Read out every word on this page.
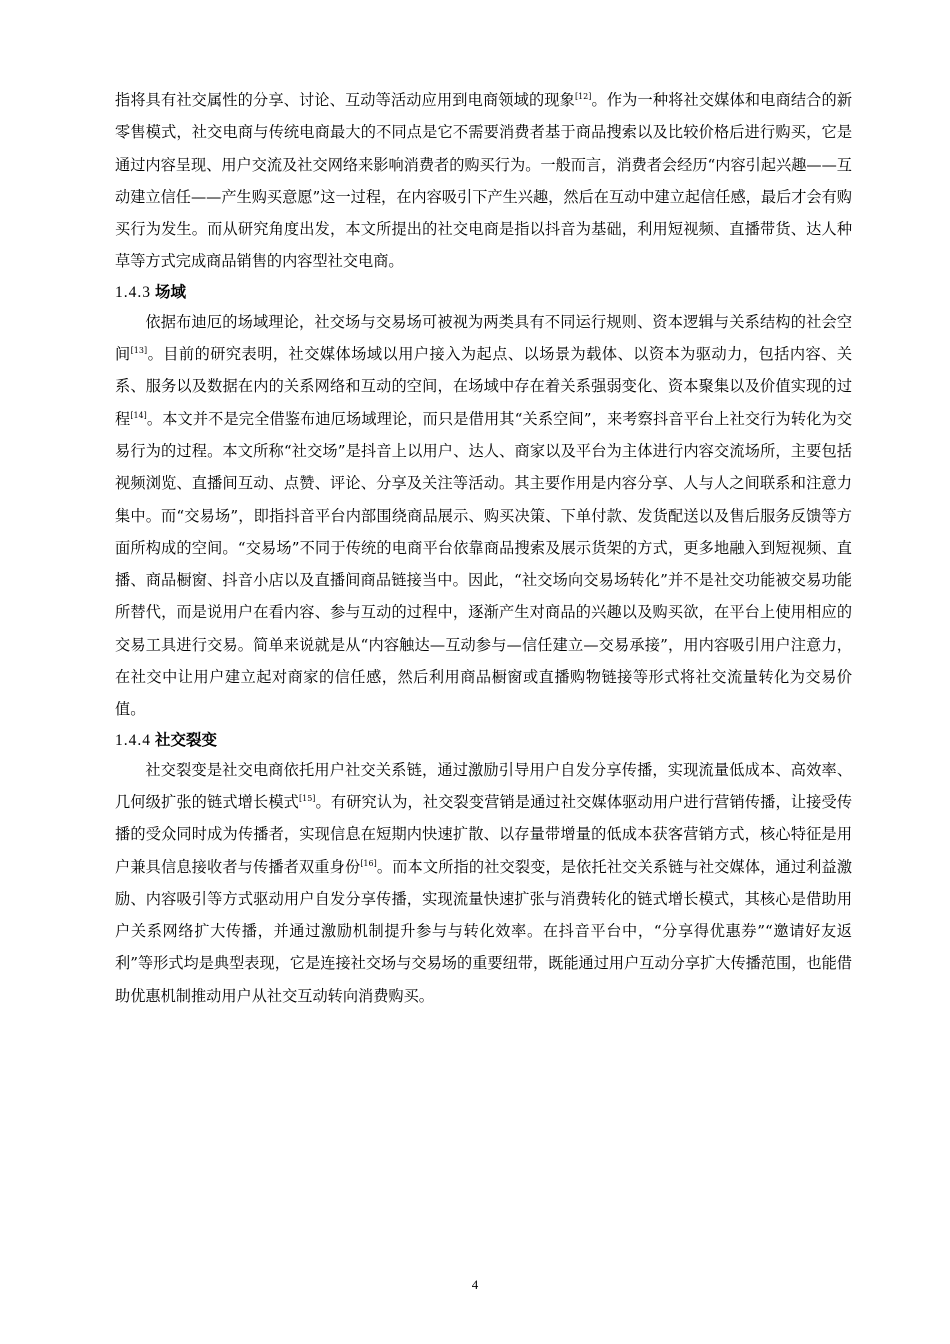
指将具有社交属性的分享、讨论、互动等活动应用到电商领域的现象[12]。作为一种将社交媒体和电商结合的新零售模式，社交电商与传统电商最大的不同点是它不需要消费者基于商品搜索以及比较价格后进行购买，它是通过内容呈现、用户交流及社交网络来影响消费者的购买行为。一般而言，消费者会经历“内容引起兴趣——互动建立信任——产生购买意愿”这一过程，在内容吸引下产生兴趣，然后在互动中建立起信任感，最后才会有购买行为发生。而从研究角度出发，本文所提出的社交电商是指以抖音为基础，利用短视频、直播带货、达人种草等方式完成商品销售的内容型社交电商。

1.4.3 场域

依据布迪厄的场域理论，社交场与交易场可被视为两类具有不同运行规则、资本逻辑与关系结构的社会空间[13]。目前的研究表明，社交媒体场域以用户接入为起点、以场景为载体、以资本为驱动力，包括内容、关系、服务以及数据在内的关系网络和互动的空间，在场域中存在着关系强弱变化、资本聚集以及价值实现的过程[14]。本文并不是完全借鉴布迪厄场域理论，而只是借用其“关系空间”，来考察抖音平台上社交行为转化为交易行为的过程。本文所称“社交场”是抖音上以用户、达人、商家以及平台为主体进行内容交流场所，主要包括视频浏览、直播间互动、点赞、评论、分享及关注等活动。其主要作用是内容分享、人与人之间联系和注意力集中。而“交易场”，即指抖音平台内部围绕商品展示、购买决策、下单付款、发货配送以及售后服务反馈等方面所构成的空间。“交易场”不同于传统的电商平台依靠商品搜索及展示货架的方式，更多地融入到短视频、直播、商品橱窗、抖音小店以及直播间商品链接当中。因此，“社交场向交易场转化”并不是社交功能被交易功能所替代，而是说用户在看内容、参与互动的过程中，逐渐产生对商品的兴趣以及购买欲，在平台上使用相应的交易工具进行交易。简单来说就是从“内容触达—互动参与—信任建立—交易承接”，用内容吸引用户注意力，在社交中让用户建立起对商家的信任感，然后利用商品橱窗或直播购物链接等形式将社交流量转化为交易价值。

1.4.4 社交裂变

社交裂变是社交电商依托用户社交关系链，通过激励引导用户自发分享传播，实现流量低成本、高效率、几何级扩张的链式增长模式[15]。有研究认为，社交裂变营销是通过社交媒体驱动用户进行营销传播，让接受传播的受众同时成为传播者，实现信息在短期内快速扩散、以存量带增量的低成本获客营销方式，核心特征是用户兼具信息接收者与传播者双重身份[16]。而本文所指的社交裂变，是依托社交关系链与社交媒体，通过利益激励、内容吸引等方式驱动用户自发分享传播，实现流量快速扩张与消费转化的链式增长模式，其核心是借助用户关系网络扩大传播，并通过激励机制提升参与与转化效率。在抖音平台中，“分享得优惠券”“邀请好友返利”等形式均是典型表现，它是连接社交场与交易场的重要纽带，既能通过用户互动分享扩大传播范围，也能借助优惠机制推动用户从社交互动转向消费购买。

4
